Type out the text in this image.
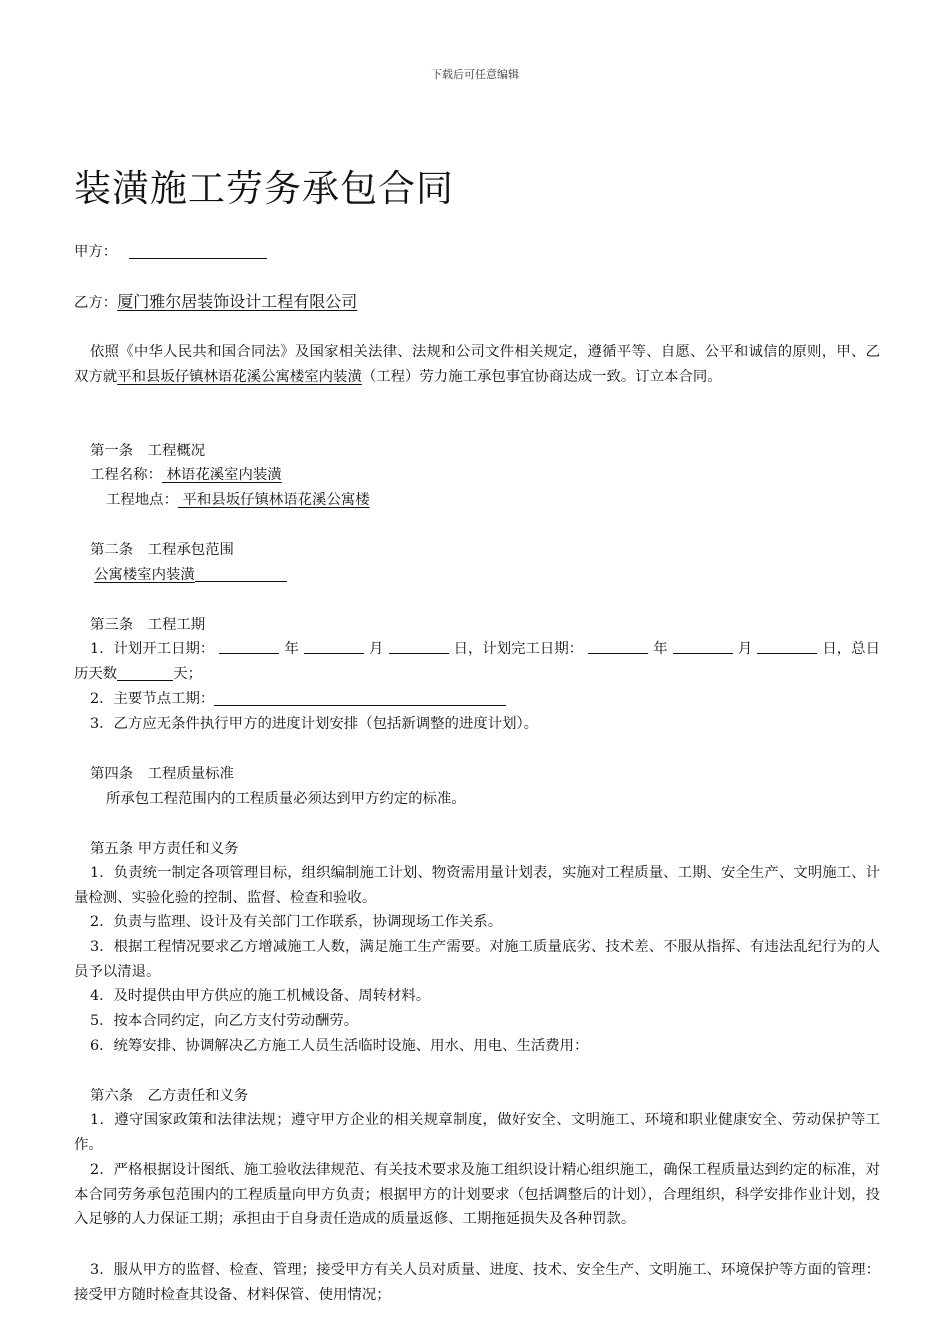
下载后可任意编辑
装潢施工劳务承包合同
甲方：
乙方：厦门雅尔居装饰设计工程有限公司

依照《中华人民共和国合同法》及国家相关法律、法规和公司文件相关规定，遵循平等、自愿、公平和诚信的原则，甲、乙双方就平和县坂仔镇林语花溪公寓楼室内装潢（工程）劳力施工承包事宜协商达成一致。订立本合同。

第一条　工程概况
工程名称： 林语花溪室内装潢
工程地点： 平和县坂仔镇林语花溪公寓楼
第二条　工程承包范围
公寓楼室内装潢
第三条　工程工期
1．计划开工日期：	年	月	日，计划完工日期：	年	月	日，总日
历天数	天；
2．主要节点工期：
3．乙方应无条件执行甲方的进度计划安排（包括新调整的进度计划）。
第四条　工程质量标准
所承包工程范围内的工程质量必须达到甲方约定的标准。
第五条 甲方责任和义务

1．负责统一制定各项管理目标，组织编制施工计划、物资需用量计划表，实施对工程质量、工期、安全生产、文明施工、计量检测、实验化验的控制、监督、检查和验收。

2．负责与监理、设计及有关部门工作联系，协调现场工作关系。

3．根据工程情况要求乙方增减施工人数，满足施工生产需要。对施工质量底劣、技术差、不服从指挥、有违法乱纪行为的人员予以清退。

4．及时提供由甲方供应的施工机械设备、周转材料。

5．按本合同约定，向乙方支付劳动酬劳。

6．统筹安排、协调解决乙方施工人员生活临时设施、用水、用电、生活费用：

第六条　乙方责任和义务

1．遵守国家政策和法律法规；遵守甲方企业的相关规章制度，做好安全、文明施工、环境和职业健康安全、劳动保护等工作。

2．严格根据设计图纸、施工验收法律规范、有关技术要求及施工组织设计精心组织施工，确保工程质量达到约定的标准，对本合同劳务承包范围内的工程质量向甲方负责；根据甲方的计划要求（包括调整后的计划），合理组织，科学安排作业计划，投入足够的人力保证工期；承担由于自身责任造成的质量返修、工期拖延损失及各种罚款。

3．服从甲方的监督、检查、管理；接受甲方有关人员对质量、进度、技术、安全生产、文明施工、环境保护等方面的管理：接受甲方随时检查其设备、材料保管、使用情况；
